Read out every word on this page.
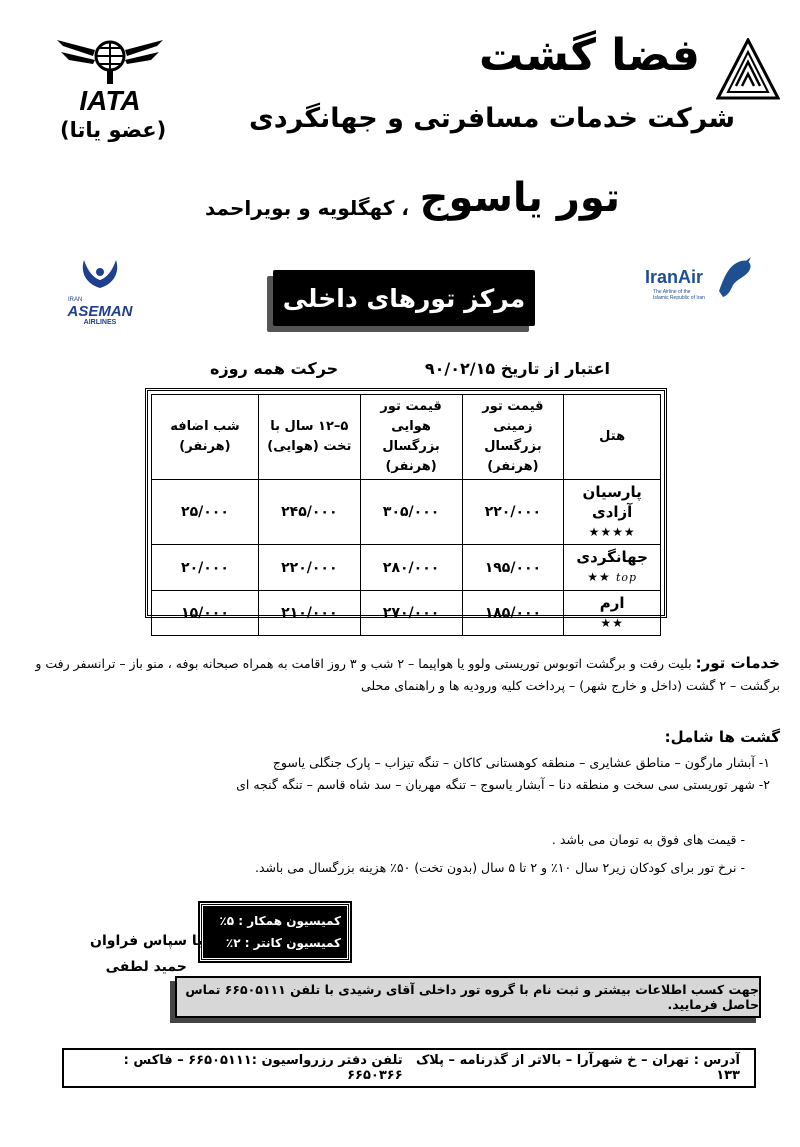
فضا گشت
شرکت خدمات مسافرتی و جهانگردی
IATA
(عضو یاتا)
تور یاسوج
، کهگلویه و بویراحمد
IRAN
ASEMAN
AIRLINES
IranAir
The Airline of the
Islamic Republic of Iran
مرکز تورهای داخلی
اعتبار از تاریخ ۹۰/۰۲/۱۵
حرکت همه روزه
هتل	قیمت تور زمینی بزرگسال (هرنفر)	قیمت تور هوایی بزرگسال (هرنفر)	۵–۱۲ سال با تخت (هوایی)	شب اضافه (هرنفر)

پارسیان آزادی
★★★★	۲۲۰/۰۰۰	۳۰۵/۰۰۰	۲۴۵/۰۰۰	۲۵/۰۰۰

جهانگردی
top ★★	۱۹۵/۰۰۰	۲۸۰/۰۰۰	۲۲۰/۰۰۰	۲۰/۰۰۰

ارم
★★	۱۸۵/۰۰۰	۲۷۰/۰۰۰	۲۱۰/۰۰۰	۱۵/۰۰۰
خدمات تور: بلیت رفت و برگشت اتوبوس توریستی ولوو یا هواپیما – ۲ شب و ۳ روز اقامت به همراه صبحانه بوفه ، منو باز – ترانسفر رفت و برگشت – ۲ گشت (داخل و خارج شهر) – پرداخت کلیه ورودیه ها و راهنمای محلی
گشت ها شامل:
۱- آبشار مارگون – مناطق عشایری – منطقه کوهستانی کاکان – تنگه تیزاب – پارک جنگلی یاسوج
۲- شهر توریستی سی سخت و منطقه دنا – آبشار یاسوج – تنگه مهریان – سد شاه قاسم – تنگه گنجه ای
- قیمت های فوق به تومان می باشد .
- نرخ تور برای کودکان زیر۲ سال ۱۰٪ و ۲ تا ۵ سال (بدون تخت) ۵۰٪ هزینه بزرگسال می باشد.
کمیسیون همکار : ۵٪
کمیسیون کانتر : ۲٪
با سپاس فراوان
حمید لطفی
جهت کسب اطلاعات بیشتر و ثبت نام با گروه تور داخلی آقای رشیدی با تلفن ۶۶۵۰۵۱۱۱ تماس حاصل فرمایید.
آدرس : تهران – خ شهرآرا – بالاتر از گذرنامه – پلاک ۱۳۳
تلفن دفتر رزرواسیون :۶۶۵۰۵۱۱۱ – فاکس : ۶۶۵۰۳۶۶
